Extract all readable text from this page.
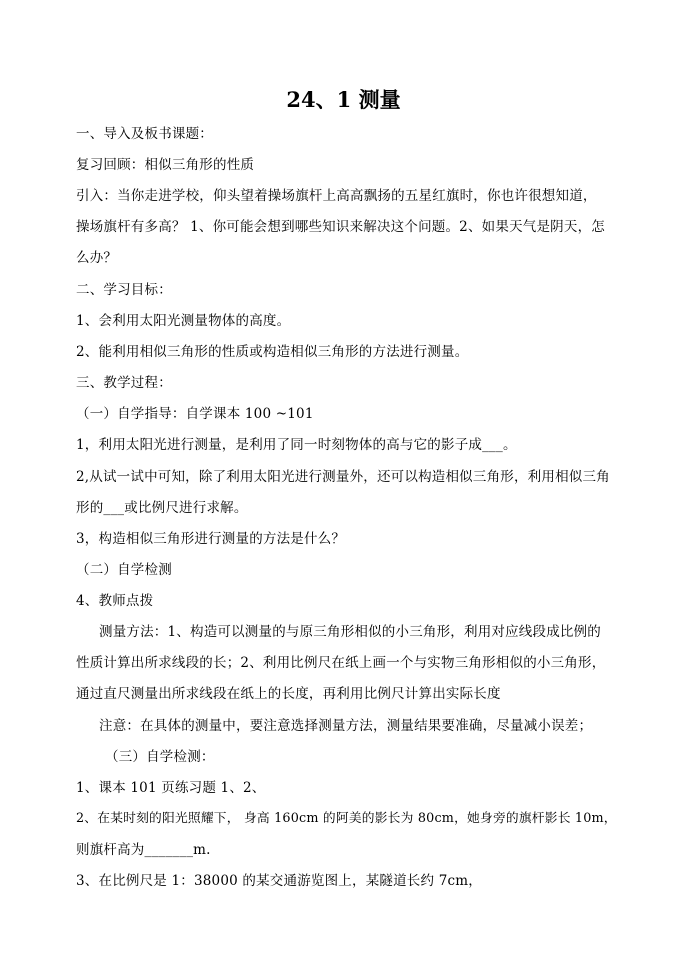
24、1 测量
一、导入及板书课题：
复习回顾：相似三角形的性质
引入：当你走进学校，仰头望着操场旗杆上高高飘扬的五星红旗时，你也许很想知道，
操场旗杆有多高？ 1、你可能会想到哪些知识来解决这个问题。2、如果天气是阴天，怎
么办？
二、学习目标：
1、会利用太阳光测量物体的高度。
2、能利用相似三角形的性质或构造相似三角形的方法进行测量。
三、教学过程：
（一）自学指导：自学课本 100 ~101
1，利用太阳光进行测量，是利用了同一时刻物体的高与它的影子成___。
2,从试一试中可知，除了利用太阳光进行测量外，还可以构造相似三角形，利用相似三角
形的___或比例尺进行求解。
3，构造相似三角形进行测量的方法是什么？
（二）自学检测
4、教师点拨
测量方法：1、构造可以测量的与原三角形相似的小三角形，利用对应线段成比例的
性质计算出所求线段的长；2、利用比例尺在纸上画一个与实物三角形相似的小三角形，
通过直尺测量出所求线段在纸上的长度，再利用比例尺计算出实际长度
注意：在具体的测量中，要注意选择测量方法，测量结果要准确，尽量减小误差；
（三）自学检测：
1、课本 101 页练习题 1、2、
2、在某时刻的阳光照耀下， 身高 160cm 的阿美的影长为 80cm，她身旁的旗杆影长 10m，
则旗杆高为_______m.
3、在比例尺是 1：38000 的某交通游览图上，某隧道长约 7cm，
